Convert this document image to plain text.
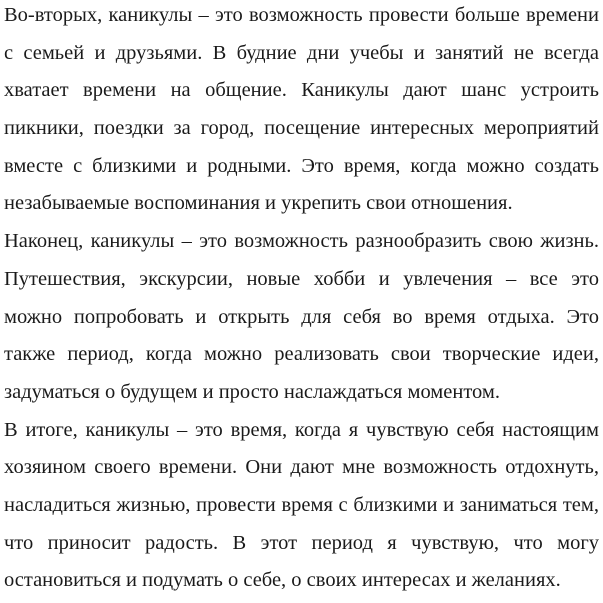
Во-вторых, каникулы – это возможность провести больше времени
с семьей и друзьями. В будние дни учебы и занятий не всегда
хватает времени на общение. Каникулы дают шанс устроить
пикники, поездки за город, посещение интересных мероприятий
вместе с близкими и родными. Это время, когда можно создать
незабываемые воспоминания и укрепить свои отношения.
Наконец, каникулы – это возможность разнообразить свою жизнь.
Путешествия, экскурсии, новые хобби и увлечения – все это
можно попробовать и открыть для себя во время отдыха. Это
также период, когда можно реализовать свои творческие идеи,
задуматься о будущем и просто наслаждаться моментом.
В итоге, каникулы – это время, когда я чувствую себя настоящим
хозяином своего времени. Они дают мне возможность отдохнуть,
насладиться жизнью, провести время с близкими и заниматься тем,
что приносит радость. В этот период я чувствую, что могу
остановиться и подумать о себе, о своих интересах и желаниях.
